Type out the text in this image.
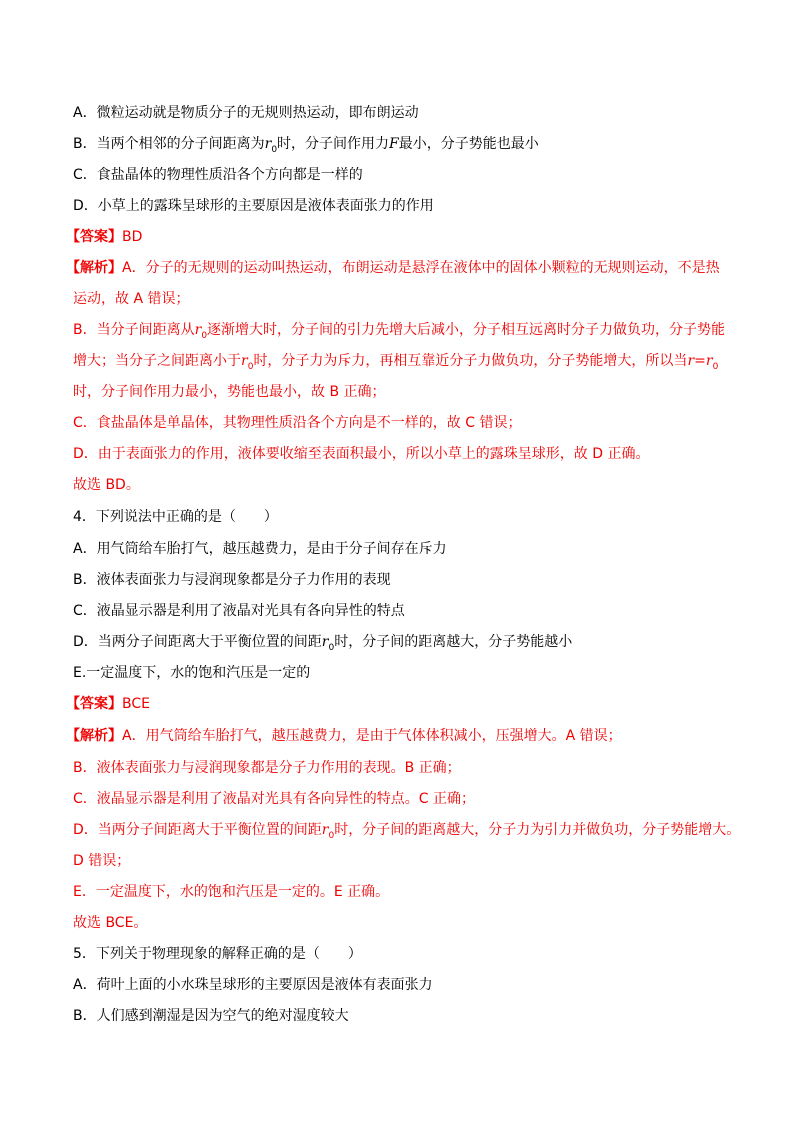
A．微粒运动就是物质分子的无规则热运动，即布朗运动
B．当两个相邻的分子间距离为$r_0$时，分子间作用力F最小，分子势能也最小
C．食盐晶体的物理性质沿各个方向都是一样的
D．小草上的露珠呈球形的主要原因是液体表面张力的作用
【答案】BD
【解析】A．分子的无规则的运动叫热运动，布朗运动是悬浮在液体中的固体小颗粒的无规则运动，不是热
运动，故 A 错误；
B．当分子间距离从$r_0$逐渐增大时，分子间的引力先增大后减小，分子相互远离时分子力做负功，分子势能
增大；当分子之间距离小于$r_0$时，分子力为斥力，再相互靠近分子力做负功，分子势能增大，所以当$r=r_0$
时，分子间作用力最小，势能也最小，故 B 正确；
C．食盐晶体是单晶体，其物理性质沿各个方向是不一样的，故 C 错误；
D．由于表面张力的作用，液体要收缩至表面积最小，所以小草上的露珠呈球形，故 D 正确。
故选 BD。
4．下列说法中正确的是（　　）
A．用气筒给车胎打气，越压越费力，是由于分子间存在斥力
B．液体表面张力与浸润现象都是分子力作用的表现
C．液晶显示器是利用了液晶对光具有各向异性的特点
D．当两分子间距离大于平衡位置的间距$r_0$时，分子间的距离越大，分子势能越小
E.一定温度下，水的饱和汽压是一定的
【答案】BCE
【解析】A．用气筒给车胎打气，越压越费力，是由于气体体积减小，压强增大。A 错误；
B．液体表面张力与浸润现象都是分子力作用的表现。B 正确；
C．液晶显示器是利用了液晶对光具有各向异性的特点。C 正确；
D．当两分子间距离大于平衡位置的间距$r_0$时，分子间的距离越大，分子力为引力并做负功，分子势能增大。
D 错误；
E．一定温度下，水的饱和汽压是一定的。E 正确。
故选 BCE。
5．下列关于物理现象的解释正确的是（　　）
A．荷叶上面的小水珠呈球形的主要原因是液体有表面张力
B．人们感到潮湿是因为空气的绝对湿度较大
